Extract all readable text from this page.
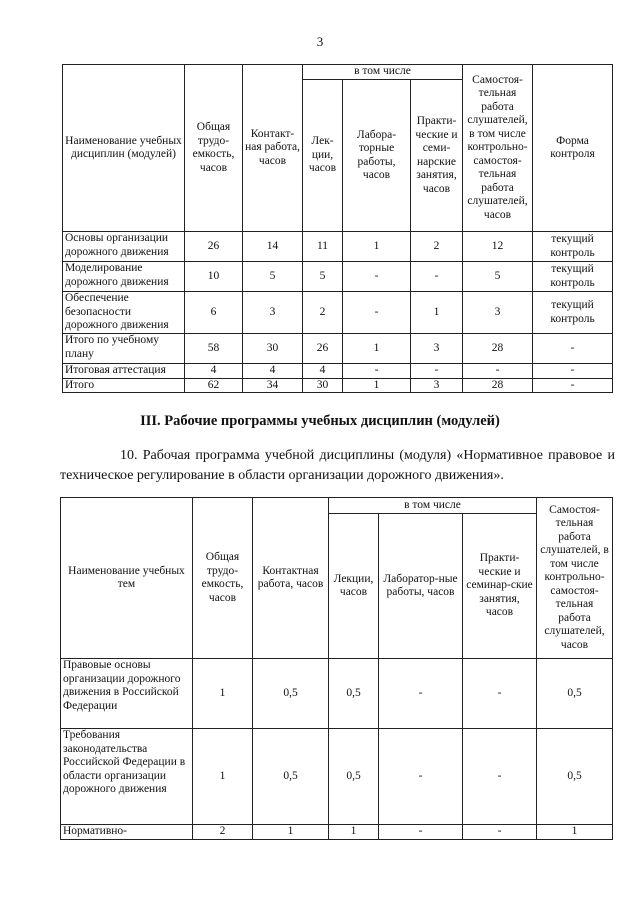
3
Наименование учебных дисциплин (модулей)	Общая трудо-емкость, часов	Контакт-ная работа, часов	в том числе			Самостоя-тельная работа слушателей, в том числе контрольно-самостоя-тельная работа слушателей, часов	Форма контроля
			Лек-ции, часов	Лабора-торные работы, часов	Практи-ческие и семи-нарские занятия, часов		
Основы организации дорожного движения	26	14	11	1	2	12	текущий контроль
Моделирование дорожного движения	10	5	5	-	-	5	текущий контроль
Обеспечение безопасности дорожного движения	6	3	2	-	1	3	текущий контроль
Итого по учебному плану	58	30	26	1	3	28	-
Итоговая аттестация	4	4	4	-	-	-	-
Итого	62	34	30	1	3	28	-
III. Рабочие программы учебных дисциплин (модулей)
10. Рабочая программа учебной дисциплины (модуля) «Нормативное правовое и техническое регулирование в области организации дорожного движения».
Наименование учебных тем	Общая трудо-емкость, часов	Контактная работа, часов	в том числе			Самостоя-тельная работа слушателей, в том числе контрольно-самостоя-тельная работа слушателей, часов
			Лекции, часов	Лаборатор-ные работы, часов	Практи-ческие и семинар-ские занятия, часов	
Правовые основы организации дорожного движения в Российской Федерации	1	0,5	0,5	-	-	0,5
Требования законодательства Российской Федерации в области организации дорожного движения	1	0,5	0,5	-	-	0,5
Нормативно-	2	1	1	-	-	1
